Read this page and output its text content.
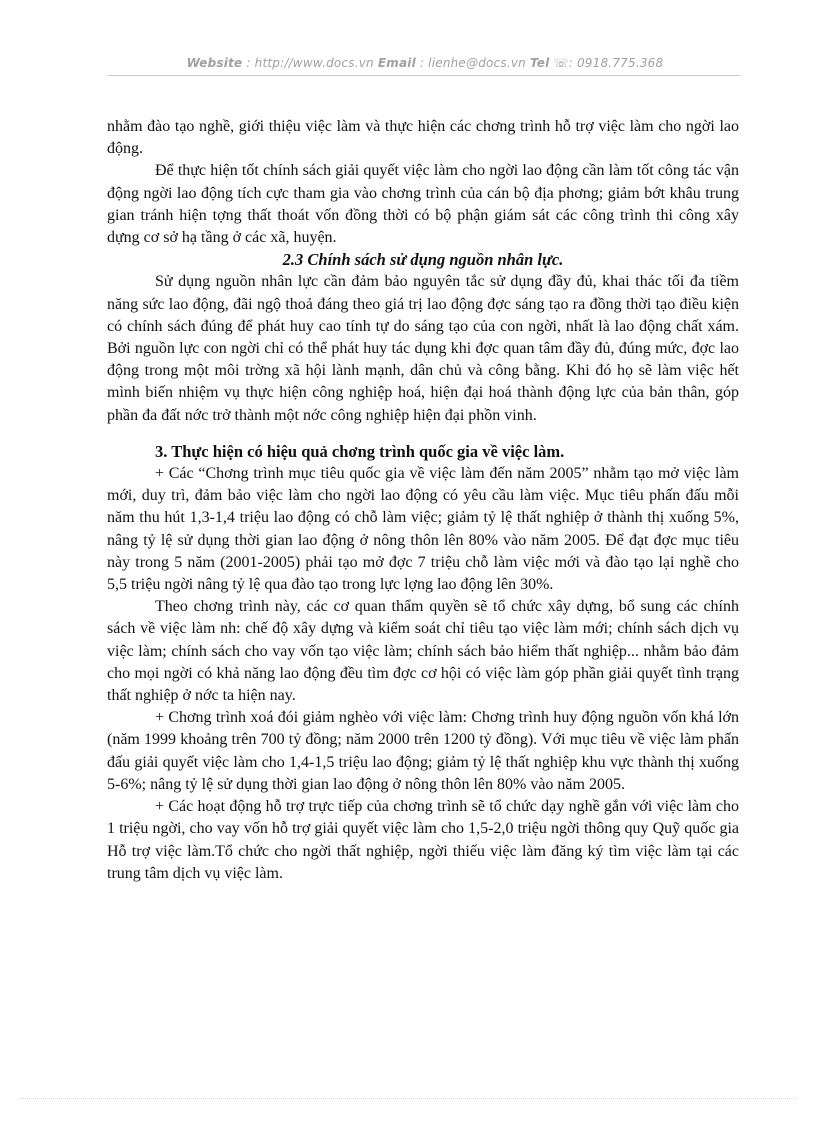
Website : http://www.docs.vn Email : lienhe@docs.vn Tel ☏: 0918.775.368

nhằm đào tạo nghề, giới thiệu việc làm và thực hiện các chơng trình hỗ trợ việc làm cho ngời lao động.

Để thực hiện tốt chính sách giải quyết việc làm cho ngời lao động cần làm tốt công tác vận động ngời lao động tích cực tham gia vào chơng trình của cán bộ địa phơng; giảm bớt khâu trung gian tránh hiện tợng thất thoát vốn đồng thời có bộ phận giám sát các công trình thi công xây dựng cơ sở hạ tầng ở các xã, huyện.

2.3 Chính sách sử dụng nguồn nhân lực.

Sử dụng nguồn nhân lực cần đảm bảo nguyên tắc sử dụng đầy đủ, khai thác tối đa tiềm năng sức lao động, đãi ngộ thoả đáng theo giá trị lao động đợc sáng tạo ra đồng thời tạo điều kiện có chính sách đúng để phát huy cao tính tự do sáng tạo của con ngời, nhất là lao động chất xám. Bởi nguồn lực con ngời chỉ có thể phát huy tác dụng khi đợc quan tâm đầy đủ, đúng mức, đợc lao động trong một môi trờng xã hội lành mạnh, dân chủ và công bằng. Khi đó họ sẽ làm việc hết mình biến nhiệm vụ thực hiện công nghiệp hoá, hiện đại hoá thành động lực của bản thân, góp phần đa đất nớc trở thành một nớc công nghiệp hiện đại phồn vinh.

3. Thực hiện có hiệu quả chơng trình quốc gia về việc làm.

+ Các “Chơng trình mục tiêu quốc gia về việc làm đến năm 2005” nhằm tạo mở việc làm mới, duy trì, đảm bảo việc làm cho ngời lao động có yêu cầu làm việc. Mục tiêu phấn đấu mỗi năm thu hút 1,3-1,4 triệu lao động có chỗ làm việc; giảm tỷ lệ thất nghiệp ở thành thị xuống 5%, nâng tỷ lệ sử dụng thời gian lao động ở nông thôn lên 80% vào năm 2005. Để đạt đợc mục tiêu này trong 5 năm (2001-2005) phải tạo mở đợc 7 triệu chỗ làm việc mới và đào tạo lại nghề cho 5,5 triệu ngời nâng tỷ lệ qua đào tạo trong lực lợng lao động lên 30%.

Theo chơng trình này, các cơ quan thẩm quyền sẽ tổ chức xây dựng, bổ sung các chính sách về việc làm nh: chế độ xây dựng và kiểm soát chỉ tiêu tạo việc làm mới; chính sách dịch vụ việc làm; chính sách cho vay vốn tạo việc làm; chính sách bảo hiểm thất nghiệp... nhằm bảo đảm cho mọi ngời có khả năng lao động đều tìm đợc cơ hội có việc làm góp phần giải quyết tình trạng thất nghiệp ở nớc ta hiện nay.

+ Chơng trình xoá đói giảm nghèo với việc làm: Chơng trình huy động nguồn vốn khá lớn (năm 1999 khoảng trên 700 tỷ đồng; năm 2000 trên 1200 tỷ đồng). Với mục tiêu về việc làm phấn đấu giải quyết việc làm cho 1,4-1,5 triệu lao động; giảm tỷ lệ thất nghiệp khu vực thành thị xuống 5-6%; nâng tỷ lệ sử dụng thời gian lao động ở nông thôn lên 80% vào năm 2005.

+ Các hoạt động hỗ trợ trực tiếp của chơng trình sẽ tổ chức dạy nghề gắn với việc làm cho 1 triệu ngời, cho vay vốn hỗ trợ giải quyết việc làm cho 1,5-2,0 triệu ngời thông quy Quỹ quốc gia Hỗ trợ việc làm.Tổ chức cho ngời thất nghiệp, ngời thiếu việc làm đăng ký tìm việc làm tại các trung tâm dịch vụ việc làm.
